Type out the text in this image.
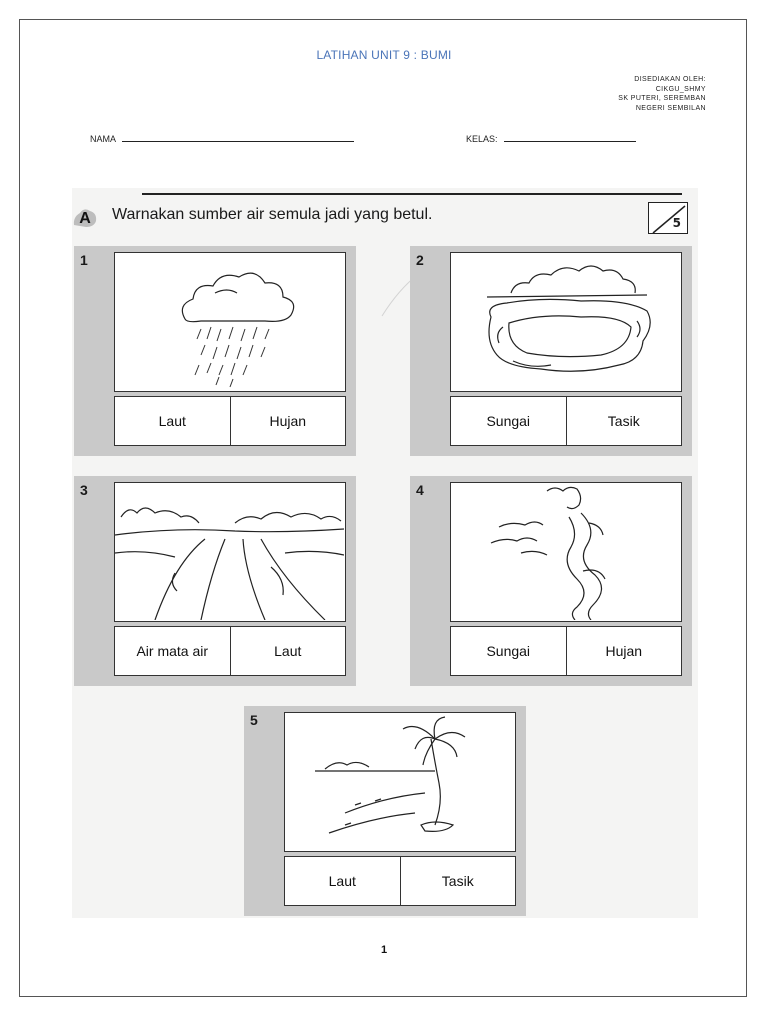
LATIHAN UNIT 9 : BUMI
DISEDIAKAN OLEH:
CIKGU_SHMY
SK PUTERI, SEREMBAN
NEGERI SEMBILAN
NAMA	KELAS:
A Warnakan sumber air semula jadi yang betul.	5
1
Laut	Hujan
2
Sungai	Tasik
3
Air mata air	Laut
4
Sungai	Hujan
5
Laut	Tasik
1
